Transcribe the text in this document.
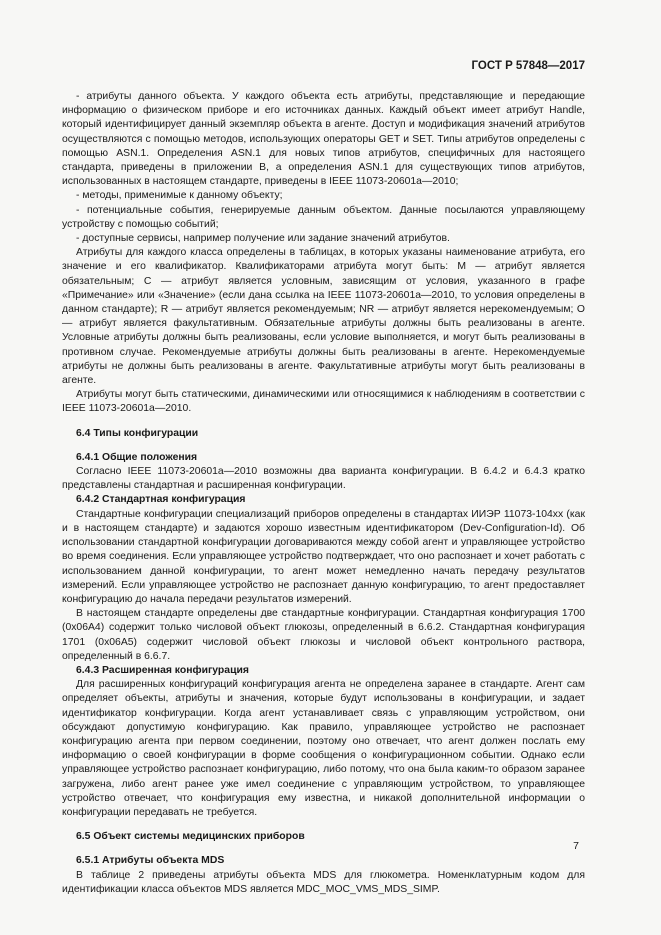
ГОСТ Р 57848—2017

- атрибуты данного объекта. У каждого объекта есть атрибуты, представляющие и передающие информацию о физическом приборе и его источниках данных. Каждый объект имеет атрибут Handle, который идентифицирует данный экземпляр объекта в агенте. Доступ и модификация значений атрибутов осуществляются с помощью методов, использующих операторы GET и SET. Типы атрибутов определены с помощью ASN.1. Определения ASN.1 для новых типов атрибутов, специфичных для настоящего стандарта, приведены в приложении В, а определения ASN.1 для существующих типов атрибутов, использованных в настоящем стандарте, приведены в IEEE 11073-20601a—2010;

- методы, применимые к данному объекту;

- потенциальные события, генерируемые данным объектом. Данные посылаются управляющему устройству с помощью событий;

- доступные сервисы, например получение или задание значений атрибутов.

Атрибуты для каждого класса определены в таблицах, в которых указаны наименование атрибута, его значение и его квалификатор. Квалификаторами атрибута могут быть: М — атрибут является обязательным; С — атрибут является условным, зависящим от условия, указанного в графе «Примечание» или «Значение» (если дана ссылка на IEEE 11073-20601а—2010, то условия определены в данном стандарте); R — атрибут является рекомендуемым; NR — атрибут является нерекомендуемым; О — атрибут является факультативным. Обязательные атрибуты должны быть реализованы в агенте. Условные атрибуты должны быть реализованы, если условие выполняется, и могут быть реализованы в противном случае. Рекомендуемые атрибуты должны быть реализованы в агенте. Нерекомендуемые атрибуты не должны быть реализованы в агенте. Факультативные атрибуты могут быть реализованы в агенте.

Атрибуты могут быть статическими, динамическими или относящимися к наблюдениям в соответствии с IEEE 11073-20601a—2010.

6.4 Типы конфигурации
6.4.1 Общие положения

Согласно IEEE 11073-20601a—2010 возможны два варианта конфигурации. В 6.4.2 и 6.4.3 кратко представлены стандартная и расширенная конфигурации.

6.4.2 Стандартная конфигурация

Стандартные конфигурации специализаций приборов определены в стандартах ИИЭР 11073-104хх (как и в настоящем стандарте) и задаются хорошо известным идентификатором (Dev-Configuration-Id). Об использовании стандартной конфигурации договариваются между собой агент и управляющее устройство во время соединения. Если управляющее устройство подтверждает, что оно распознает и хочет работать с использованием данной конфигурации, то агент может немедленно начать передачу результатов измерений. Если управляющее устройство не распознает данную конфигурацию, то агент предоставляет конфигурацию до начала передачи результатов измерений.

В настоящем стандарте определены две стандартные конфигурации. Стандартная конфигурация 1700 (0x06A4) содержит только числовой объект глюкозы, определенный в 6.6.2. Стандартная конфигурация 1701 (0x06A5) содержит числовой объект глюкозы и числовой объект контрольного раствора, определенный в 6.6.7.

6.4.3 Расширенная конфигурация

Для расширенных конфигураций конфигурация агента не определена заранее в стандарте. Агент сам определяет объекты, атрибуты и значения, которые будут использованы в конфигурации, и задает идентификатор конфигурации. Когда агент устанавливает связь с управляющим устройством, они обсуждают допустимую конфигурацию. Как правило, управляющее устройство не распознает конфигурацию агента при первом соединении, поэтому оно отвечает, что агент должен послать ему информацию о своей конфигурации в форме сообщения о конфигурационном событии. Однако если управляющее устройство распознает конфигурацию, либо потому, что она была каким-то образом заранее загружена, либо агент ранее уже имел соединение с управляющим устройством, то управляющее устройство отвечает, что конфигурация ему известна, и никакой дополнительной информации о конфигурации передавать не требуется.

6.5 Объект системы медицинских приборов
6.5.1 Атрибуты объекта MDS

В таблице 2 приведены атрибуты объекта MDS для глюкометра. Номенклатурным кодом для идентификации класса объектов MDS является MDC_MOC_VMS_MDS_SIMP.

7
